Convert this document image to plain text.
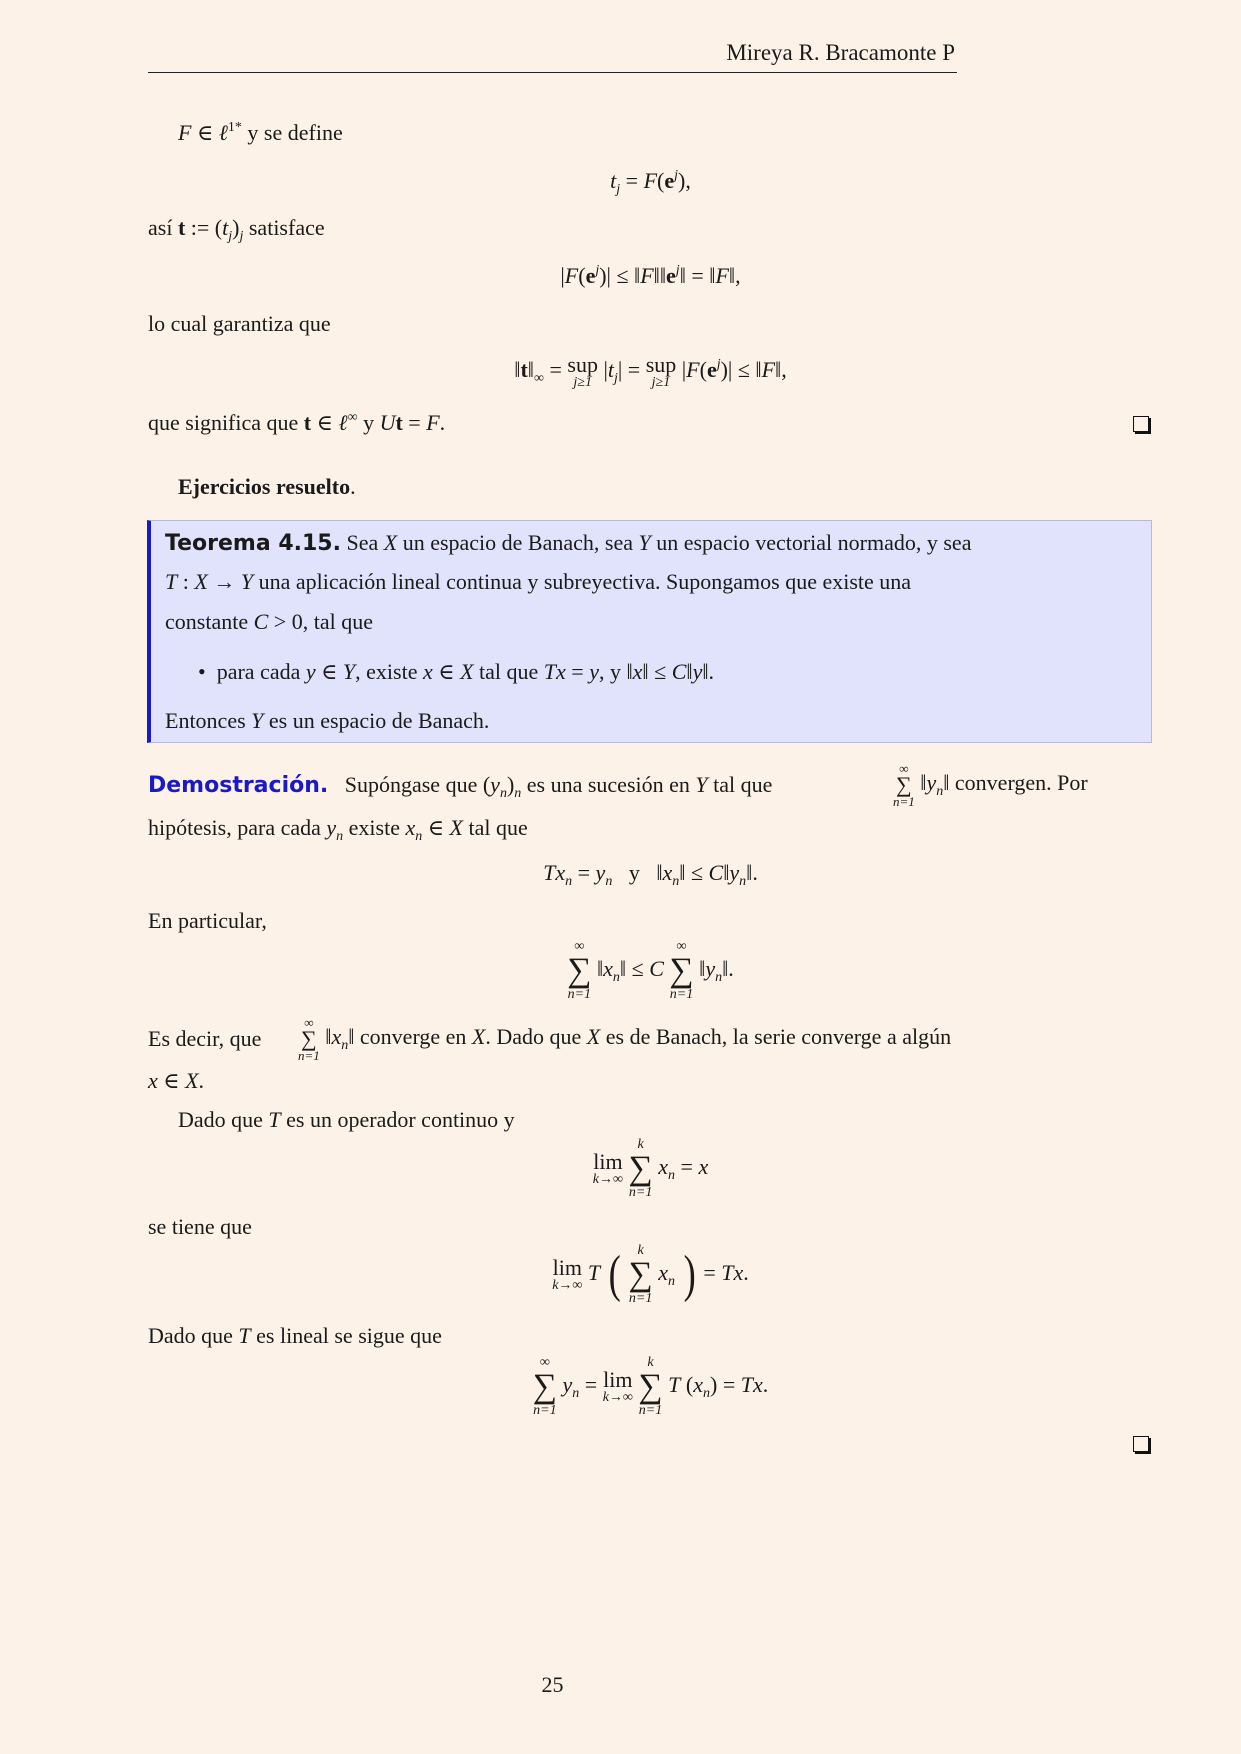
Mireya R. Bracamonte P
F ∈ ℓ$^{1*}$ y se define
$t_j = F(e^j)$,
así t := $(t_j)_j$ satisface
$|F(e^j)|$ ≤ $‖F‖‖e^j‖$ = ‖F‖,
lo cual garantiza que
$‖t‖_\infty$ = sup
j≥1
$|t_j|$ = sup
j≥1
$|F(e^j)|$ ≤ ‖F‖,
que significa que t ∈ ℓ∞ y Ut = F.
Ejercicios resuelto.
Teorema 4.15. Sea X un espacio de Banach, sea Y un espacio vectorial normado, y sea
T : X → Y una aplicación lineal continua y subreyectiva. Supongamos que existe una
constante C > 0, tal que
•  para cada y ∈ Y, existe x ∈ X tal que Tx = y, y ‖x‖ ≤ C‖y‖.
Entonces Y es un espacio de Banach.
Demostración. Supóngase que $(y_n)_n$ es una sucesión en Y tal que
∞
∑
n=1
$‖y_n‖$ convergen. Por
hipótesis, para cada $y_n$ existe $x_n$ ∈ X tal que
$Tx_n = y_n$ y   $‖x_n‖$ ≤ $C‖y_n‖$.
En particular,
∞
∑
n=1
$‖x_n‖ \le C$
∞
∑
n=1
$‖y_n‖$.
Es decir, que
∞
∑
n=1
$‖x_n‖$ converge en X. Dado que X es de Banach, la serie converge a algún
x ∈ X.
Dado que T es un operador continuo y
lim
k→∞

k
∑
n=1
$x_n = x$
se tiene que
lim
k→∞
T (	k
∑
n=1
$x_n$ ) = Tx.
Dado que T es lineal se sigue que
∞
∑
n=1
$y_n = \lim$
k→∞

k
∑
n=1
T $(x_n) = Tx$.
25
